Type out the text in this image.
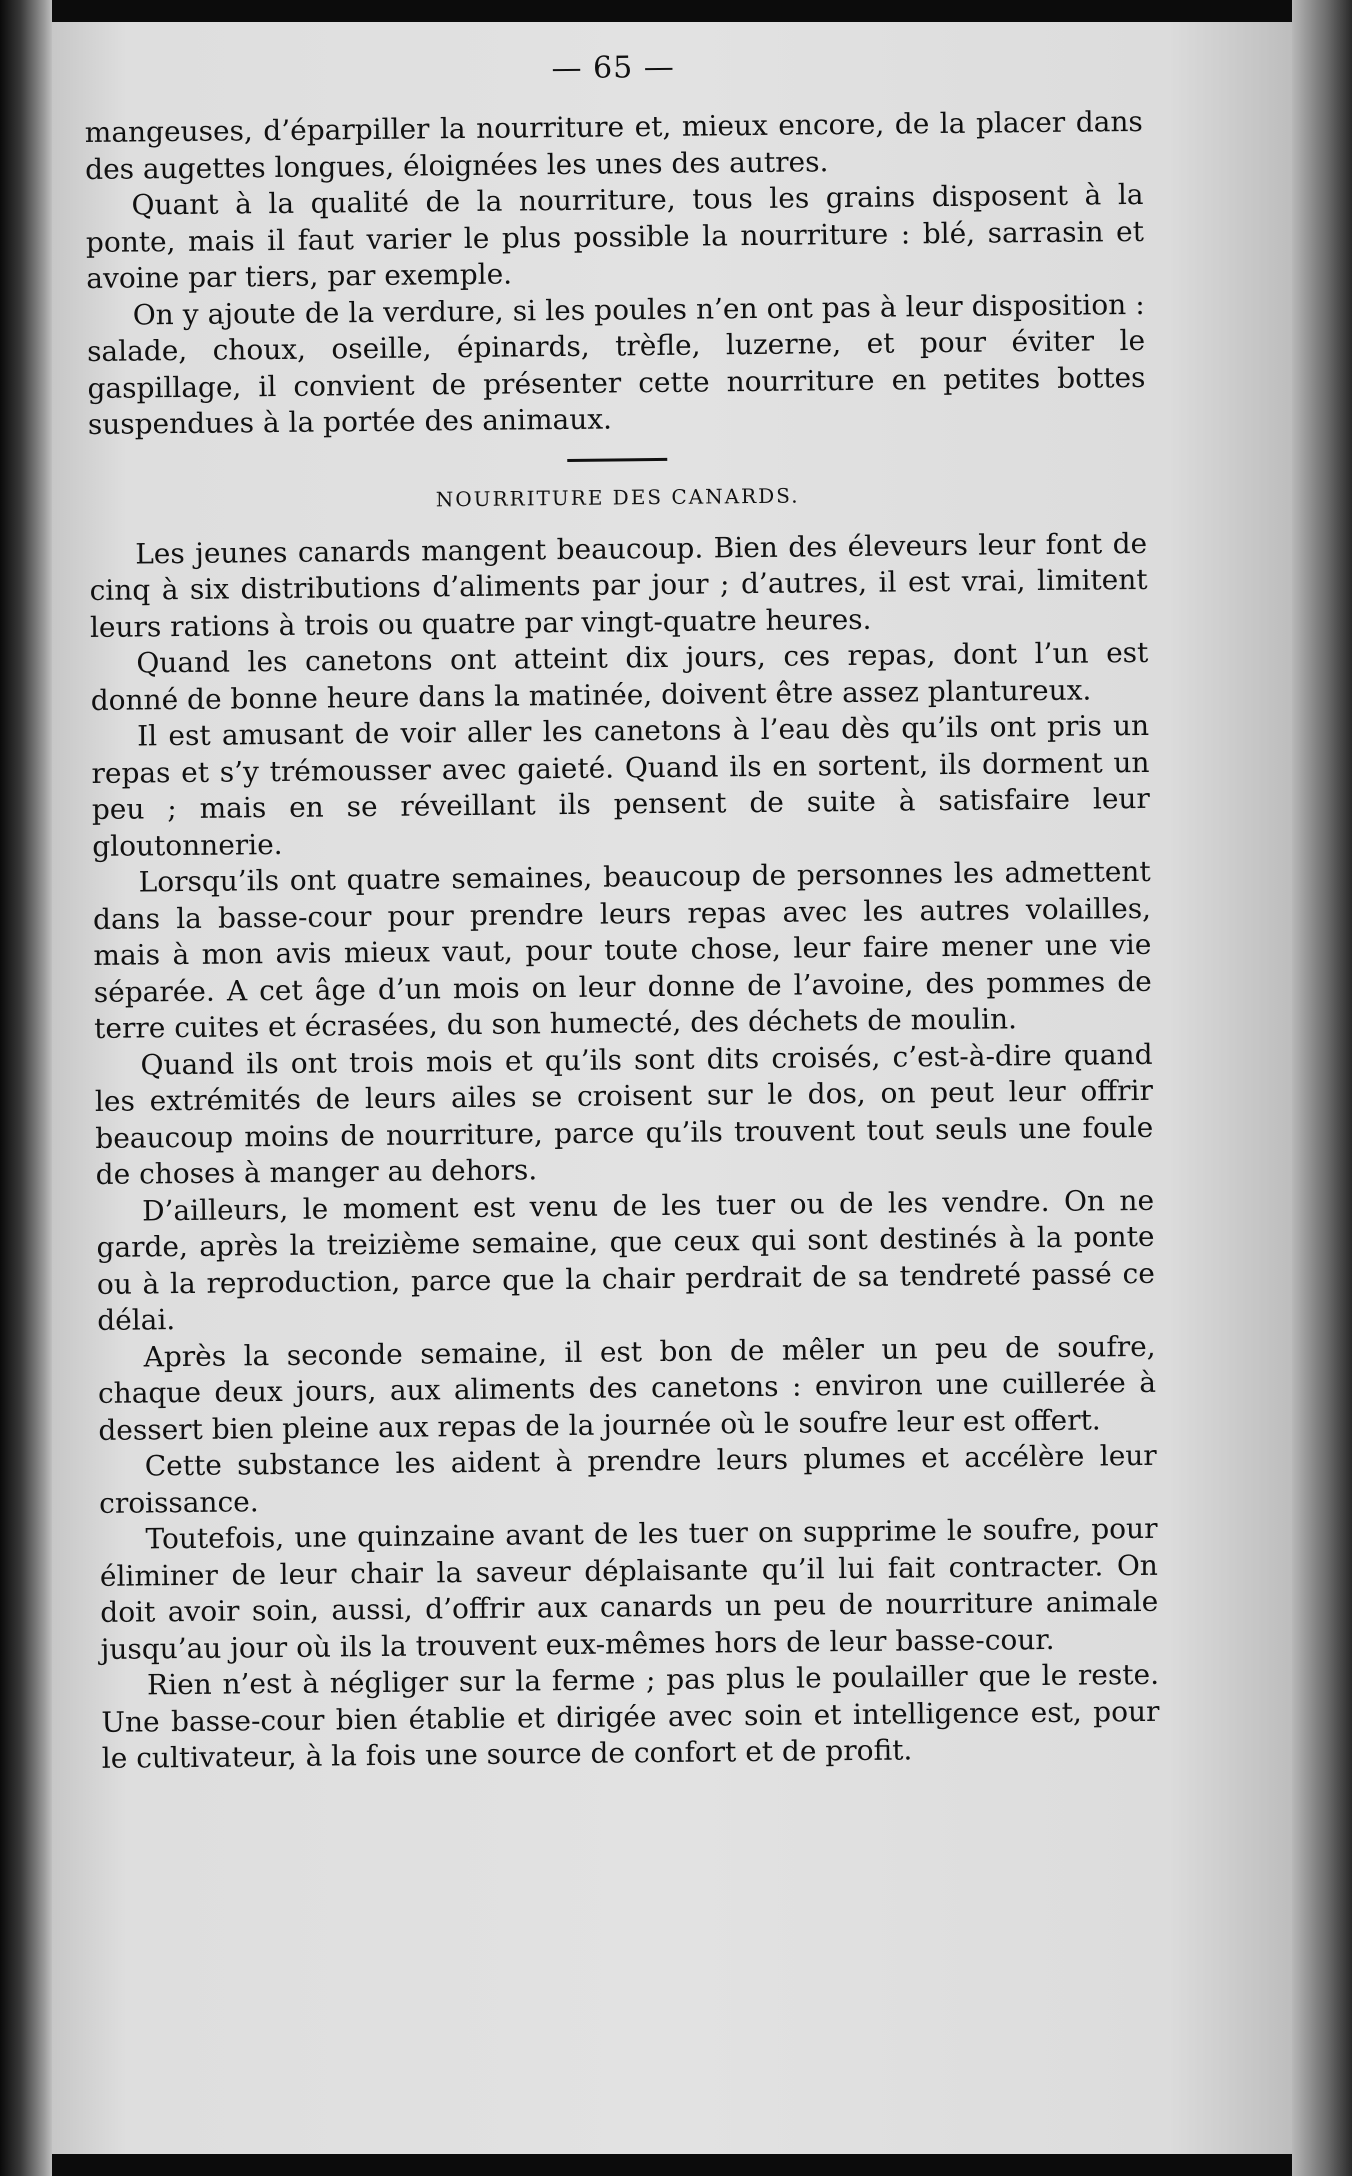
— 65 —

mangeuses, d’éparpiller la nourriture et, mieux encore, de la placer dans des augettes longues, éloignées les unes des autres.

Quant à la qualité de la nourriture, tous les grains disposent à la ponte, mais il faut varier le plus possible la nourriture : blé, sarrasin et avoine par tiers, par exemple.

On y ajoute de la verdure, si les poules n’en ont pas à leur disposition : salade, choux, oseille, épinards, trèfle, luzerne, et pour éviter le gaspillage, il convient de présenter cette nourriture en petites bottes suspendues à la portée des animaux.

NOURRITURE DES CANARDS.

Les jeunes canards mangent beaucoup. Bien des éleveurs leur font de cinq à six distributions d’aliments par jour ; d’autres, il est vrai, limitent leurs rations à trois ou quatre par vingt-quatre heures.

Quand les canetons ont atteint dix jours, ces repas, dont l’un est donné de bonne heure dans la matinée, doivent être assez plantureux.

Il est amusant de voir aller les canetons à l’eau dès qu’ils ont pris un repas et s’y trémousser avec gaieté. Quand ils en sortent, ils dorment un peu ; mais en se réveillant ils pensent de suite à satisfaire leur gloutonnerie.

Lorsqu’ils ont quatre semaines, beaucoup de personnes les admettent dans la basse-cour pour prendre leurs repas avec les autres volailles, mais à mon avis mieux vaut, pour toute chose, leur faire mener une vie séparée. A cet âge d’un mois on leur donne de l’avoine, des pommes de terre cuites et écrasées, du son humecté, des déchets de moulin.

Quand ils ont trois mois et qu’ils sont dits croisés, c’est-à-dire quand les extrémités de leurs ailes se croisent sur le dos, on peut leur offrir beaucoup moins de nourriture, parce qu’ils trouvent tout seuls une foule de choses à manger au dehors.

D’ailleurs, le moment est venu de les tuer ou de les vendre. On ne garde, après la treizième semaine, que ceux qui sont destinés à la ponte ou à la reproduction, parce que la chair perdrait de sa tendreté passé ce délai.

Après la seconde semaine, il est bon de mêler un peu de soufre, chaque deux jours, aux aliments des canetons : environ une cuillerée à dessert bien pleine aux repas de la journée où le soufre leur est offert.

Cette substance les aident à prendre leurs plumes et accélère leur croissance.

Toutefois, une quinzaine avant de les tuer on supprime le soufre, pour éliminer de leur chair la saveur déplaisante qu’il lui fait contracter. On doit avoir soin, aussi, d’offrir aux canards un peu de nourriture animale jusqu’au jour où ils la trouvent eux-mêmes hors de leur basse-cour.

Rien n’est à négliger sur la ferme ; pas plus le poulailler que le reste. Une basse-cour bien établie et dirigée avec soin et intelligence est, pour le cultivateur, à la fois une source de confort et de profit.
